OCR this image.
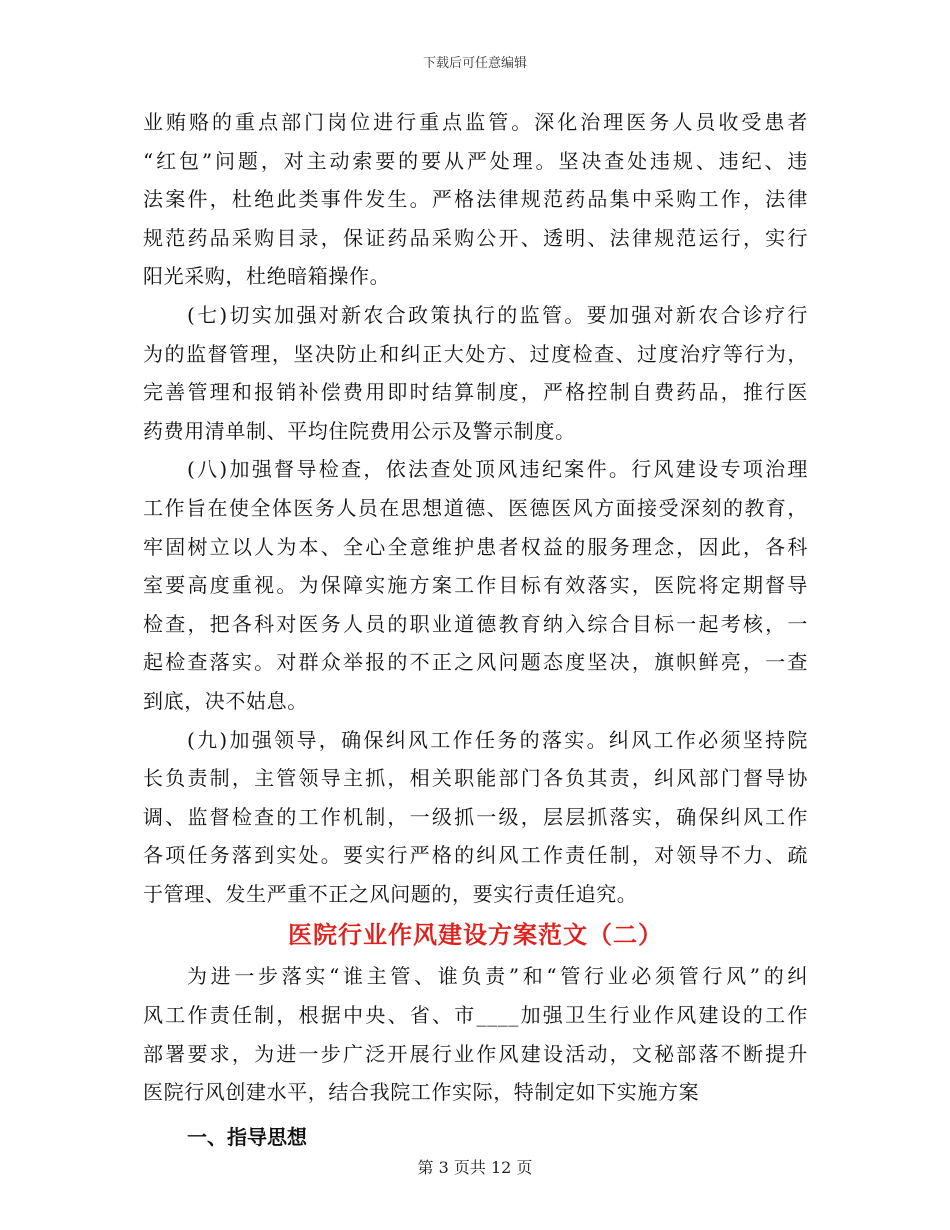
下载后可任意编辑
业贿赂的重点部门岗位进行重点监管。深化治理医务人员收受患者
“红包”问题，对主动索要的要从严处理。坚决查处违规、违纪、违
法案件，杜绝此类事件发生。严格法律规范药品集中采购工作，法律
规范药品采购目录，保证药品采购公开、透明、法律规范运行，实行
阳光采购，杜绝暗箱操作。
(七)切实加强对新农合政策执行的监管。要加强对新农合诊疗行
为的监督管理，坚决防止和纠正大处方、过度检查、过度治疗等行为，
完善管理和报销补偿费用即时结算制度，严格控制自费药品，推行医
药费用清单制、平均住院费用公示及警示制度。
(八)加强督导检查，依法查处顶风违纪案件。行风建设专项治理
工作旨在使全体医务人员在思想道德、医德医风方面接受深刻的教育，
牢固树立以人为本、全心全意维护患者权益的服务理念，因此，各科
室要高度重视。为保障实施方案工作目标有效落实，医院将定期督导
检查，把各科对医务人员的职业道德教育纳入综合目标一起考核，一
起检查落实。对群众举报的不正之风问题态度坚决，旗帜鲜亮，一查
到底，决不姑息。
(九)加强领导，确保纠风工作任务的落实。纠风工作必须坚持院
长负责制，主管领导主抓，相关职能部门各负其责，纠风部门督导协
调、监督检查的工作机制，一级抓一级，层层抓落实，确保纠风工作
各项任务落到实处。要实行严格的纠风工作责任制，对领导不力、疏
于管理、发生严重不正之风问题的，要实行责任追究。
医院行业作风建设方案范文（二）
为进一步落实“谁主管、谁负责”和“管行业必须管行风”的纠
风工作责任制，根据中央、省、市____加强卫生行业作风建设的工作
部署要求，为进一步广泛开展行业作风建设活动，文秘部落不断提升
医院行风创建水平，结合我院工作实际，特制定如下实施方案
一、指导思想
第 3 页共 12 页
